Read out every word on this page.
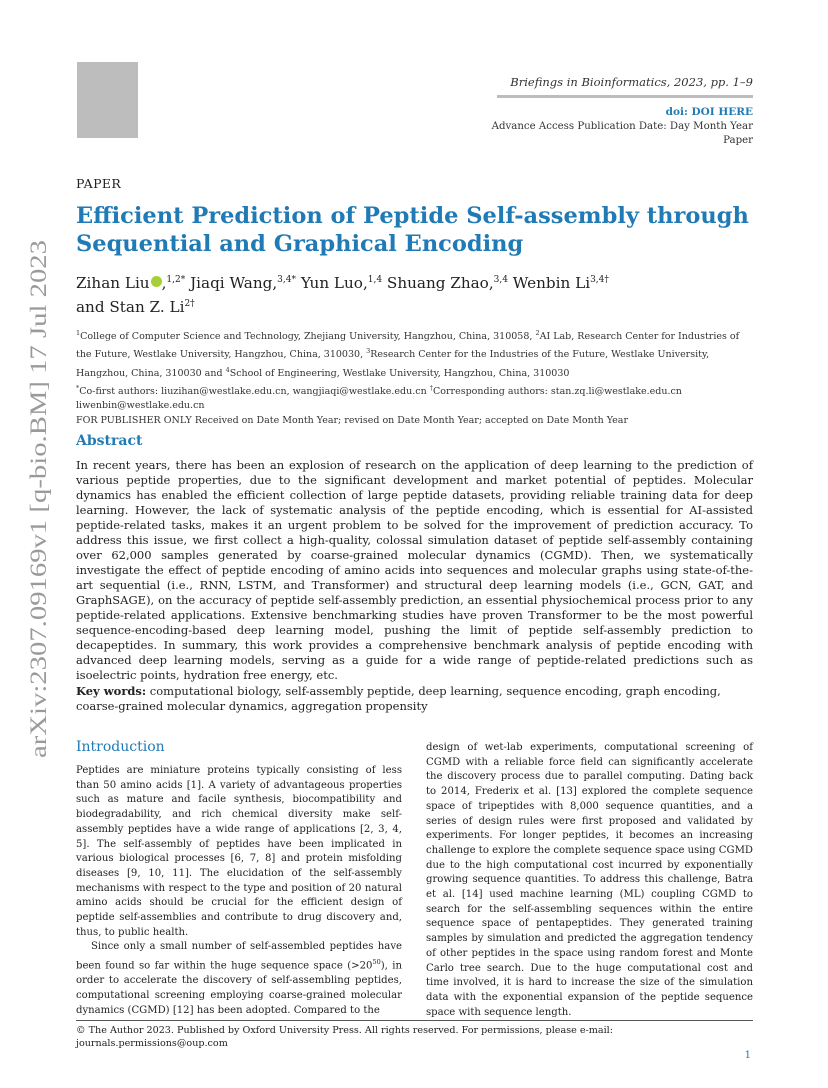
arXiv:2307.09169v1 [q-bio.BM] 17 Jul 2023
Briefings in Bioinformatics, 2023, pp. 1–9
doi: DOI HERE
Advance Access Publication Date: Day Month Year
Paper
PAPER
Efficient Prediction of Peptide Self-assembly through Sequential and Graphical Encoding
Zihan Liu ,$^{1,2*}$ Jiaqi Wang,$^{3,4*}$ Yun Luo,$^{1,4}$ Shuang Zhao,$^{3,4}$ Wenbin $Li^{3,4\dagger}$
and Stan Z. $Li^{2\dagger}$
$^1$College of Computer Science and Technology, Zhejiang University, Hangzhou, China, 310058, $^2$AI Lab, Research Center for Industries of the Future, Westlake University, Hangzhou, China, 310030, $^3$Research Center for the Industries of the Future, Westlake University, Hangzhou, China, 310030 and $^4$School of Engineering, Westlake University, Hangzhou, China, 310030
*Co-first authors: liuzihan@westlake.edu.cn, wangjiaqi@westlake.edu.cn †Corresponding authors: stan.zq.li@westlake.edu.cn liwenbin@westlake.edu.cn
FOR PUBLISHER ONLY Received on Date Month Year; revised on Date Month Year; accepted on Date Month Year
Abstract
In recent years, there has been an explosion of research on the application of deep learning to the prediction of various peptide properties, due to the significant development and market potential of peptides. Molecular dynamics has enabled the efficient collection of large peptide datasets, providing reliable training data for deep learning. However, the lack of systematic analysis of the peptide encoding, which is essential for AI-assisted peptide-related tasks, makes it an urgent problem to be solved for the improvement of prediction accuracy. To address this issue, we first collect a high-quality, colossal simulation dataset of peptide self-assembly containing over 62,000 samples generated by coarse-grained molecular dynamics (CGMD). Then, we systematically investigate the effect of peptide encoding of amino acids into sequences and molecular graphs using state-of-the-art sequential (i.e., RNN, LSTM, and Transformer) and structural deep learning models (i.e., GCN, GAT, and GraphSAGE), on the accuracy of peptide self-assembly prediction, an essential physiochemical process prior to any peptide-related applications. Extensive benchmarking studies have proven Transformer to be the most powerful sequence-encoding-based deep learning model, pushing the limit of peptide self-assembly prediction to decapeptides. In summary, this work provides a comprehensive benchmark analysis of peptide encoding with advanced deep learning models, serving as a guide for a wide range of peptide-related predictions such as isoelectric points, hydration free energy, etc.
Key words: computational biology, self-assembly peptide, deep learning, sequence encoding, graph encoding, coarse-grained molecular dynamics, aggregation propensity
Introduction

Peptides are miniature proteins typically consisting of less than 50 amino acids [1]. A variety of advantageous properties such as mature and facile synthesis, biocompatibility and biodegradability, and rich chemical diversity make self-assembly peptides have a wide range of applications [2, 3, 4, 5]. The self-assembly of peptides have been implicated in various biological processes [6, 7, 8] and protein misfolding diseases [9, 10, 11]. The elucidation of the self-assembly mechanisms with respect to the type and position of 20 natural amino acids should be crucial for the efficient design of peptide self-assemblies and contribute to drug discovery and, thus, to public health.

Since only a small number of self-assembled peptides have been found so far within the huge sequence space $(>20^{50})$, in order to accelerate the discovery of self-assembling peptides, computational screening employing coarse-grained molecular dynamics (CGMD) [12] has been adopted. Compared to the

design of wet-lab experiments, computational screening of CGMD with a reliable force field can significantly accelerate the discovery process due to parallel computing. Dating back to 2014, Frederix et al. [13] explored the complete sequence space of tripeptides with 8,000 sequence quantities, and a series of design rules were first proposed and validated by experiments. For longer peptides, it becomes an increasing challenge to explore the complete sequence space using CGMD due to the high computational cost incurred by exponentially growing sequence quantities. To address this challenge, Batra et al. [14] used machine learning (ML) coupling CGMD to search for the self-assembling sequences within the entire sequence space of pentapeptides. They generated training samples by simulation and predicted the aggregation tendency of other peptides in the space using random forest and Monte Carlo tree search. Due to the huge computational cost and time involved, it is hard to increase the size of the simulation data with the exponential expansion of the peptide sequence space with sequence length.

© The Author 2023. Published by Oxford University Press. All rights reserved. For permissions, please e-mail: journals.permissions@oup.com
1
